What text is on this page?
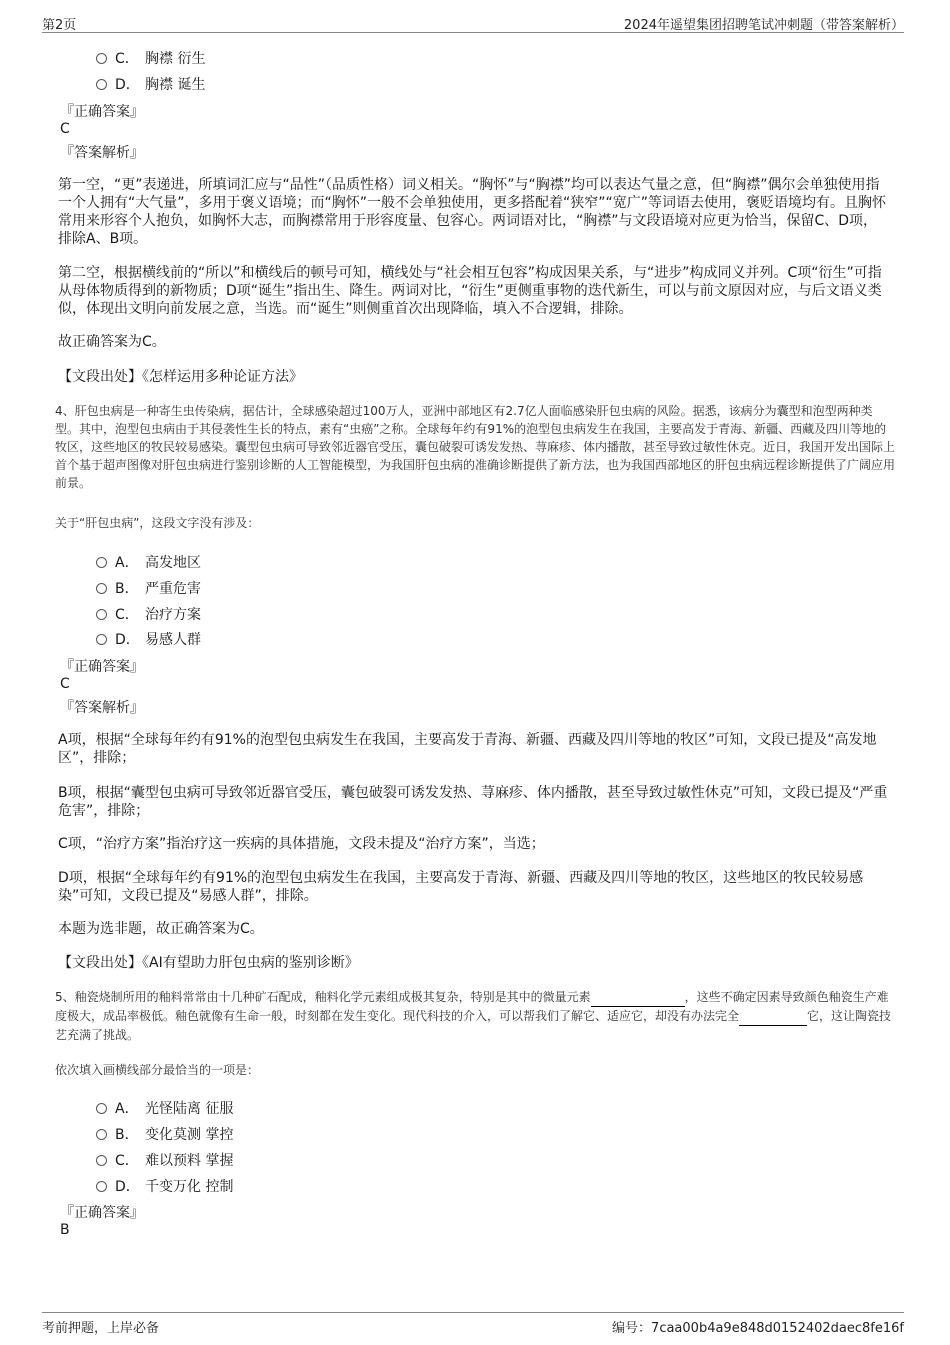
第2页	2024年遥望集团招聘笔试冲刺题（带答案解析）
C． 胸襟 衍生
D． 胸襟 诞生
『正确答案』
C
『答案解析』
第一空，“更”表递进，所填词汇应与“品性”（品质性格）词义相关。“胸怀”与“胸襟”均可以表达气量之意，但“胸襟”偶尔会单独使用指一个人拥有“大气量”，多用于褒义语境；而“胸怀”一般不会单独使用，更多搭配着“狭窄”“宽广”等词语去使用，褒贬语境均有。且胸怀常用来形容个人抱负，如胸怀大志，而胸襟常用于形容度量、包容心。两词语对比，“胸襟”与文段语境对应更为恰当，保留C、D项，排除A、B项。
第二空，根据横线前的“所以”和横线后的顿号可知，横线处与“社会相互包容”构成因果关系，与“进步”构成同义并列。C项“衍生”可指从母体物质得到的新物质；D项“诞生”指出生、降生。两词对比，“衍生”更侧重事物的迭代新生，可以与前文原因对应，与后文语义类似，体现出文明向前发展之意，当选。而“诞生”则侧重首次出现降临，填入不合逻辑，排除。
故正确答案为C。
【文段出处】《怎样运用多种论证方法》
4、肝包虫病是一种寄生虫传染病，据估计，全球感染超过100万人，亚洲中部地区有2.7亿人面临感染肝包虫病的风险。据悉，该病分为囊型和泡型两种类型。其中，泡型包虫病由于其侵袭性生长的特点，素有“虫癌”之称。全球每年约有91%的泡型包虫病发生在我国，主要高发于青海、新疆、西藏及四川等地的牧区，这些地区的牧民较易感染。囊型包虫病可导致邻近器官受压，囊包破裂可诱发发热、荨麻疹、体内播散，甚至导致过敏性休克。近日，我国开发出国际上首个基于超声图像对肝包虫病进行鉴别诊断的人工智能模型，为我国肝包虫病的准确诊断提供了新方法，也为我国西部地区的肝包虫病远程诊断提供了广阔应用前景。
关于“肝包虫病”，这段文字没有涉及：
A． 高发地区
B． 严重危害
C． 治疗方案
D． 易感人群
『正确答案』
C
『答案解析』
A项，根据“全球每年约有91%的泡型包虫病发生在我国，主要高发于青海、新疆、西藏及四川等地的牧区”可知，文段已提及“高发地区”，排除；
B项，根据“囊型包虫病可导致邻近器官受压，囊包破裂可诱发发热、荨麻疹、体内播散，甚至导致过敏性休克”可知，文段已提及“严重危害”，排除；
C项，“治疗方案”指治疗这一疾病的具体措施，文段未提及“治疗方案”，当选；
D项，根据“全球每年约有91%的泡型包虫病发生在我国，主要高发于青海、新疆、西藏及四川等地的牧区，这些地区的牧民较易感染”可知，文段已提及“易感人群”，排除。
本题为选非题，故正确答案为C。
【文段出处】《AI有望助力肝包虫病的鉴别诊断》
5、釉瓷烧制所用的釉料常常由十几种矿石配成，釉料化学元素组成极其复杂，特别是其中的微量元素	，这些不确定因素导致颜色釉瓷生产难度极大，成品率极低。釉色就像有生命一般，时刻都在发生变化。现代科技的介入，可以帮我们了解它、适应它，却没有办法完全	它，这让陶瓷技艺充满了挑战。
依次填入画横线部分最恰当的一项是：
A． 光怪陆离 征服
B． 变化莫测 掌控
C． 难以预料 掌握
D． 千变万化 控制
『正确答案』
B
考前押题，上岸必备	编号：7caa00b4a9e848d0152402daec8fe16f
